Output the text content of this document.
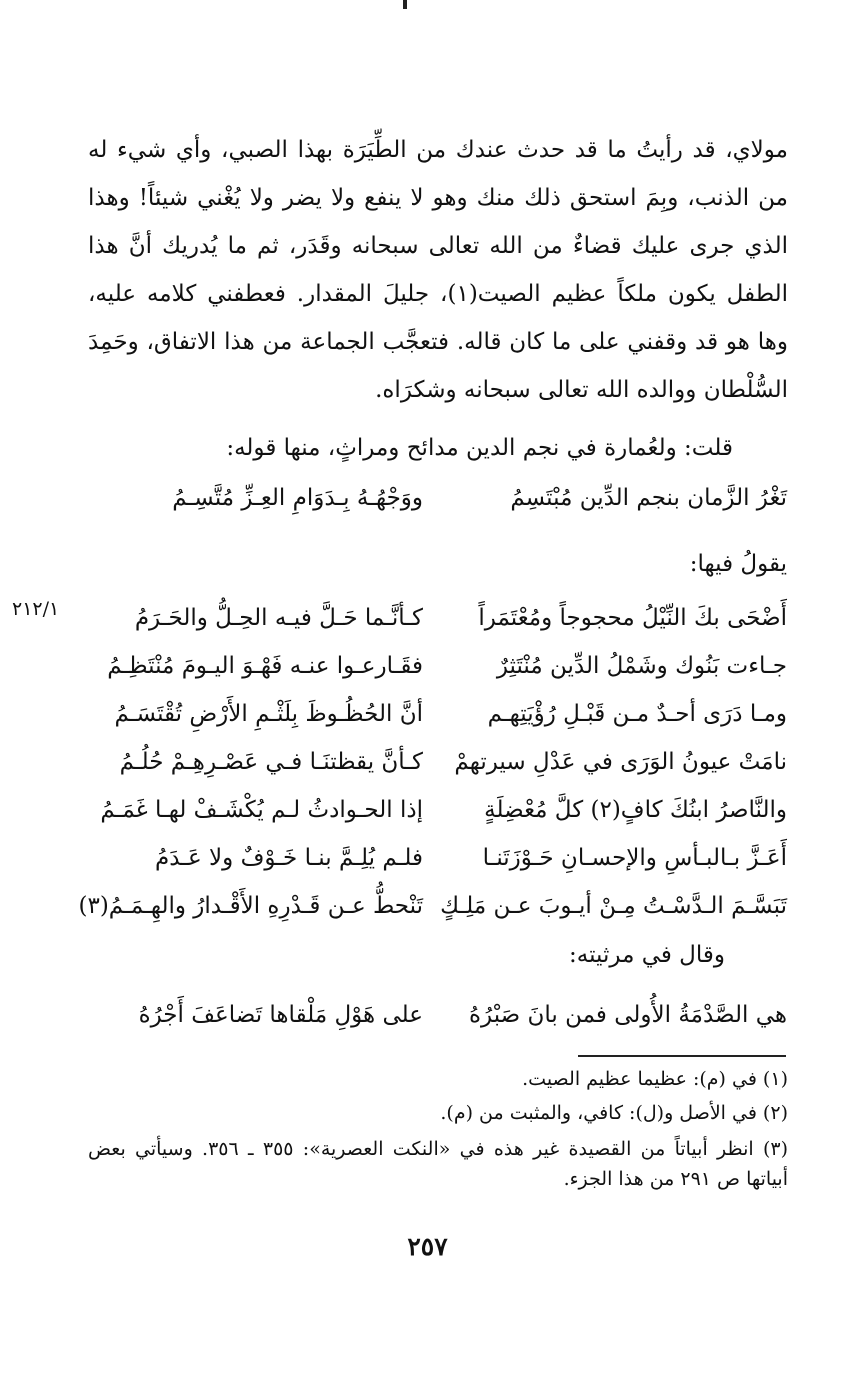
مولاي، قد رأيتُ ما قد حدث عندك من الطِّيَرَة بهذا الصبي، وأي شيء له من الذنب، وبِمَ استحق ذلك منك وهو لا ينفع ولا يضر ولا يُغْني شيئاً! وهذا الذي جرى عليك قضاءٌ من الله تعالى سبحانه وقَدَر، ثم ما يُدريك أنَّ هذا الطفل يكون ملكاً عظيم الصيت(١)، جليلَ المقدار. فعطفني كلامه عليه، وها هو قد وقفني على ما كان قاله. فتعجَّب الجماعة من هذا الاتفاق، وحَمِدَ السُّلْطان ووالده الله تعالى سبحانه وشكرَاه.

قلت: ولعُمارة في نجم الدين مدائح ومراثٍ، منها قوله:

تَغْرُ الزَّمان بنجم الدِّين مُبْتَسِمُ
ووَجْهُـهُ بِـدَوَامِ العِـزِّ مُتَّسِـمُ

يقولُ فيها:

٢١٢/١	أَضْحَى بكَ النِّيْلُ محجوجاً ومُعْتَمَراً
كـأنَّـما حَـلَّ فيـه الحِـلُّ والحَـرَمُ
جـاءت بَنُوك وشَمْلُ الدِّين مُنْتَثِرٌ
فقَـارعـوا عنـه فَهْـوَ اليـومَ مُنْتَظِـمُ
ومـا دَرَى أحـدٌ مـن قَبْـلِ رُؤْيَتِهـم
أنَّ الحُظُـوظَ بِلَثْـمِ الأَرْضِ تُقْتَسَـمُ
نامَتْ عيونُ الوَرَى في عَدْلِ سيرتهمْ
كـأنَّ يقظتنَـا فـي عَصْـرِهِـمْ حُلُـمُ
والنَّاصرُ ابنُكَ كافٍ(٢) كلَّ مُعْضِلَةٍ
إذا الحـوادثُ لـم يُكْشَـفْ لهـا غَمَـمُ
أَعَـزَّ بـالبـأسِ والإحسـانِ حَـوْزَتَنـا
فلـم يُلِـمَّ بنـا خَـوْفٌ ولا عَـدَمُ
تَبَسَّـمَ الـدَّسْـتُ مِـنْ أيـوبَ عـن مَلِـكٍ
تَنْحطُّ عـن قَـدْرِهِ الأَقْـدارُ والهِـمَـمُ(٣)

وقال في مرثيته:

هي الصَّدْمَةُ الأُولى فمن بانَ صَبْرُهُ
على هَوْلِ مَلْقاها تَضاعَفَ أَجْرُهُ

(١) في (م): عظيما عظيم الصيت.

(٢) في الأصل و(ل): كافي، والمثبت من (م).

(٣) انظر أبياتاً من القصيدة غير هذه في «النكت العصرية»: ٣٥٥ ـ ٣٥٦. وسيأتي بعض أبياتها ص ٢٩١ من هذا الجزء.

٢٥٧
